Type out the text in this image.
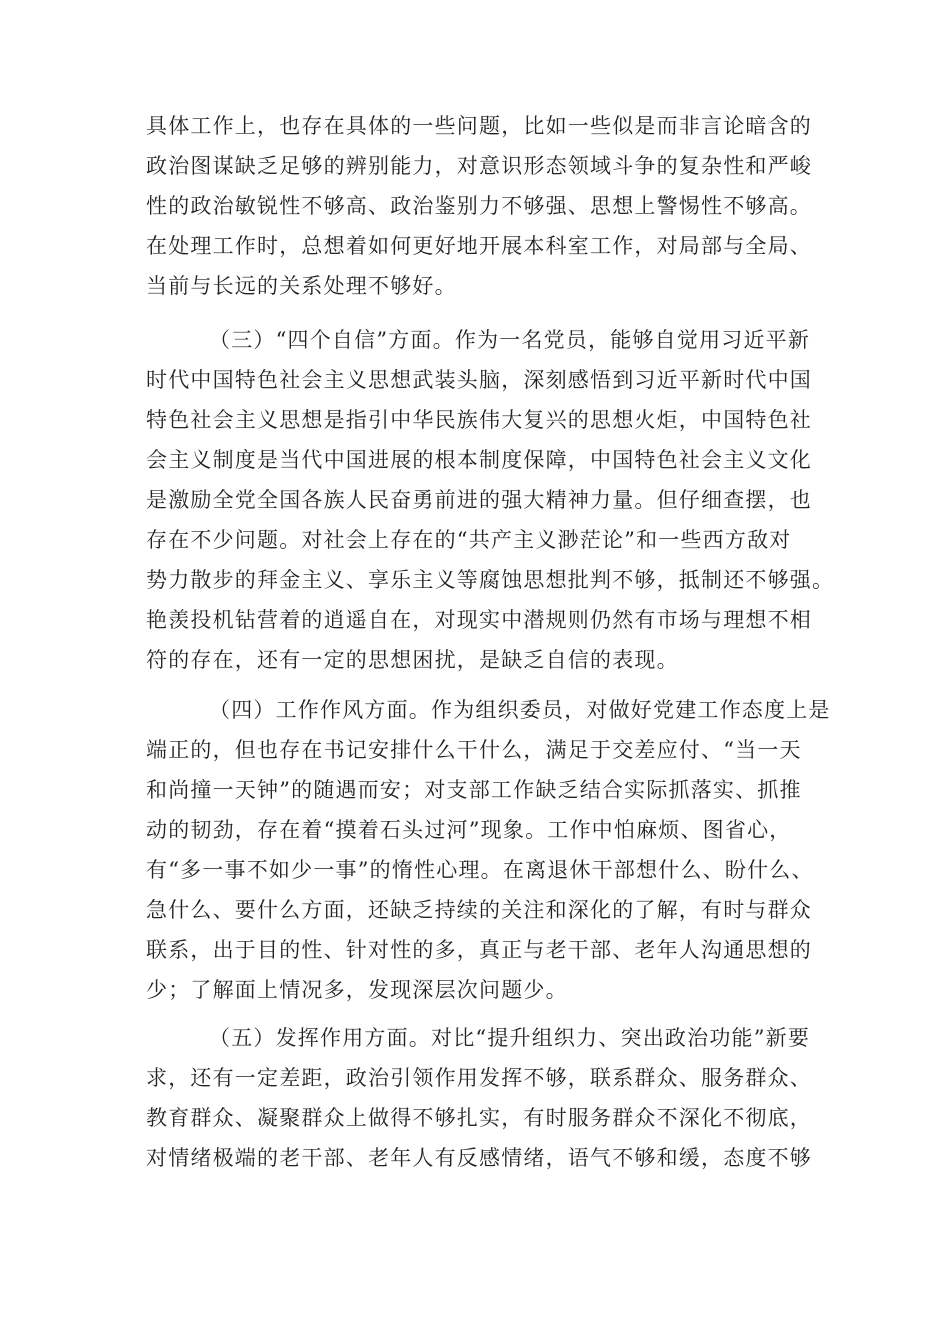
具体工作上，也存在具体的一些问题，比如一些似是而非言论暗含的
政治图谋缺乏足够的辨别能力，对意识形态领域斗争的复杂性和严峻
性的政治敏锐性不够高、政治鉴别力不够强、思想上警惕性不够高。
在处理工作时，总想着如何更好地开展本科室工作，对局部与全局、
当前与长远的关系处理不够好。
（三）“四个自信”方面。作为一名党员，能够自觉用习近平新
时代中国特色社会主义思想武装头脑，深刻感悟到习近平新时代中国
特色社会主义思想是指引中华民族伟大复兴的思想火炬，中国特色社
会主义制度是当代中国进展的根本制度保障，中国特色社会主义文化
是激励全党全国各族人民奋勇前进的强大精神力量。但仔细查摆，也
存在不少问题。对社会上存在的“共产主义渺茫论”和一些西方敌对
势力散步的拜金主义、享乐主义等腐蚀思想批判不够，抵制还不够强。
艳羡投机钻营着的逍遥自在，对现实中潜规则仍然有市场与理想不相
符的存在，还有一定的思想困扰，是缺乏自信的表现。
（四）工作作风方面。作为组织委员，对做好党建工作态度上是
端正的，但也存在书记安排什么干什么，满足于交差应付、“当一天
和尚撞一天钟”的随遇而安；对支部工作缺乏结合实际抓落实、抓推
动的韧劲，存在着“摸着石头过河”现象。工作中怕麻烦、图省心，
有“多一事不如少一事”的惰性心理。在离退休干部想什么、盼什么、
急什么、要什么方面，还缺乏持续的关注和深化的了解，有时与群众
联系，出于目的性、针对性的多，真正与老干部、老年人沟通思想的
少；了解面上情况多，发现深层次问题少。
（五）发挥作用方面。对比“提升组织力、突出政治功能”新要
求，还有一定差距，政治引领作用发挥不够，联系群众、服务群众、
教育群众、凝聚群众上做得不够扎实，有时服务群众不深化不彻底，
对情绪极端的老干部、老年人有反感情绪，语气不够和缓，态度不够
